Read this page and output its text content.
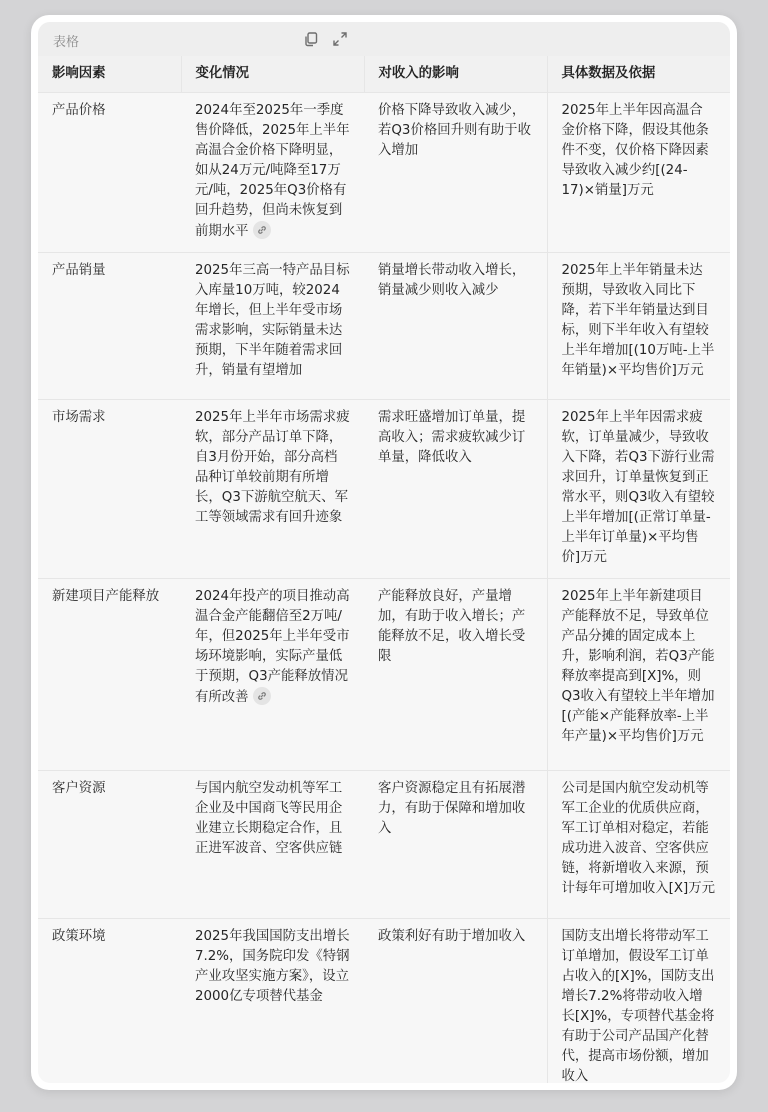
表格
影响因素	变化情况	对收入的影响	具体数据及依据
产品价格	2024年至2025年一季度售价降低，2025年上半年高温合金价格下降明显，如从24万元/吨降至17万元/吨，2025年Q3价格有回升趋势，但尚未恢复到前期水平	价格下降导致收入减少，若Q3价格回升则有助于收入增加	2025年上半年因高温合金价格下降，假设其他条件不变，仅价格下降因素导致收入减少约[(24-17)×销量]万元
产品销量	2025年三高一特产品目标入库量10万吨，较2024年增长，但上半年受市场需求影响，实际销量未达预期，下半年随着需求回升，销量有望增加	销量增长带动收入增长，销量减少则收入减少	2025年上半年销量未达预期，导致收入同比下降，若下半年销量达到目标，则下半年收入有望较上半年增加[(10万吨-上半年销量)×平均售价]万元
市场需求	2025年上半年市场需求疲软，部分产品订单下降，自3月份开始，部分高档品种订单较前期有所增长，Q3下游航空航天、军工等领域需求有回升迹象	需求旺盛增加订单量，提高收入；需求疲软减少订单量，降低收入	2025年上半年因需求疲软，订单量减少，导致收入下降，若Q3下游行业需求回升，订单量恢复到正常水平，则Q3收入有望较上半年增加[(正常订单量-上半年订单量)×平均售价]万元
新建项目产能释放	2024年投产的项目推动高温合金产能翻倍至2万吨/年，但2025年上半年受市场环境影响，实际产量低于预期，Q3产能释放情况有所改善	产能释放良好，产量增加，有助于收入增长；产能释放不足，收入增长受限	2025年上半年新建项目产能释放不足，导致单位产品分摊的固定成本上升，影响利润，若Q3产能释放率提高到[X]%，则Q3收入有望较上半年增加[(产能×产能释放率-上半年产量)×平均售价]万元
客户资源	与国内航空发动机等军工企业及中国商飞等民用企业建立长期稳定合作，且正进军波音、空客供应链	客户资源稳定且有拓展潜力，有助于保障和增加收入	公司是国内航空发动机等军工企业的优质供应商，军工订单相对稳定，若能成功进入波音、空客供应链，将新增收入来源，预计每年可增加收入[X]万元
政策环境	2025年我国国防支出增长7.2%，国务院印发《特钢产业攻坚实施方案》，设立2000亿专项替代基金	政策利好有助于增加收入	国防支出增长将带动军工订单增加，假设军工订单占收入的[X]%，国防支出增长7.2%将带动收入增长[X]%，专项替代基金将有助于公司产品国产化替代，提高市场份额，增加收入
